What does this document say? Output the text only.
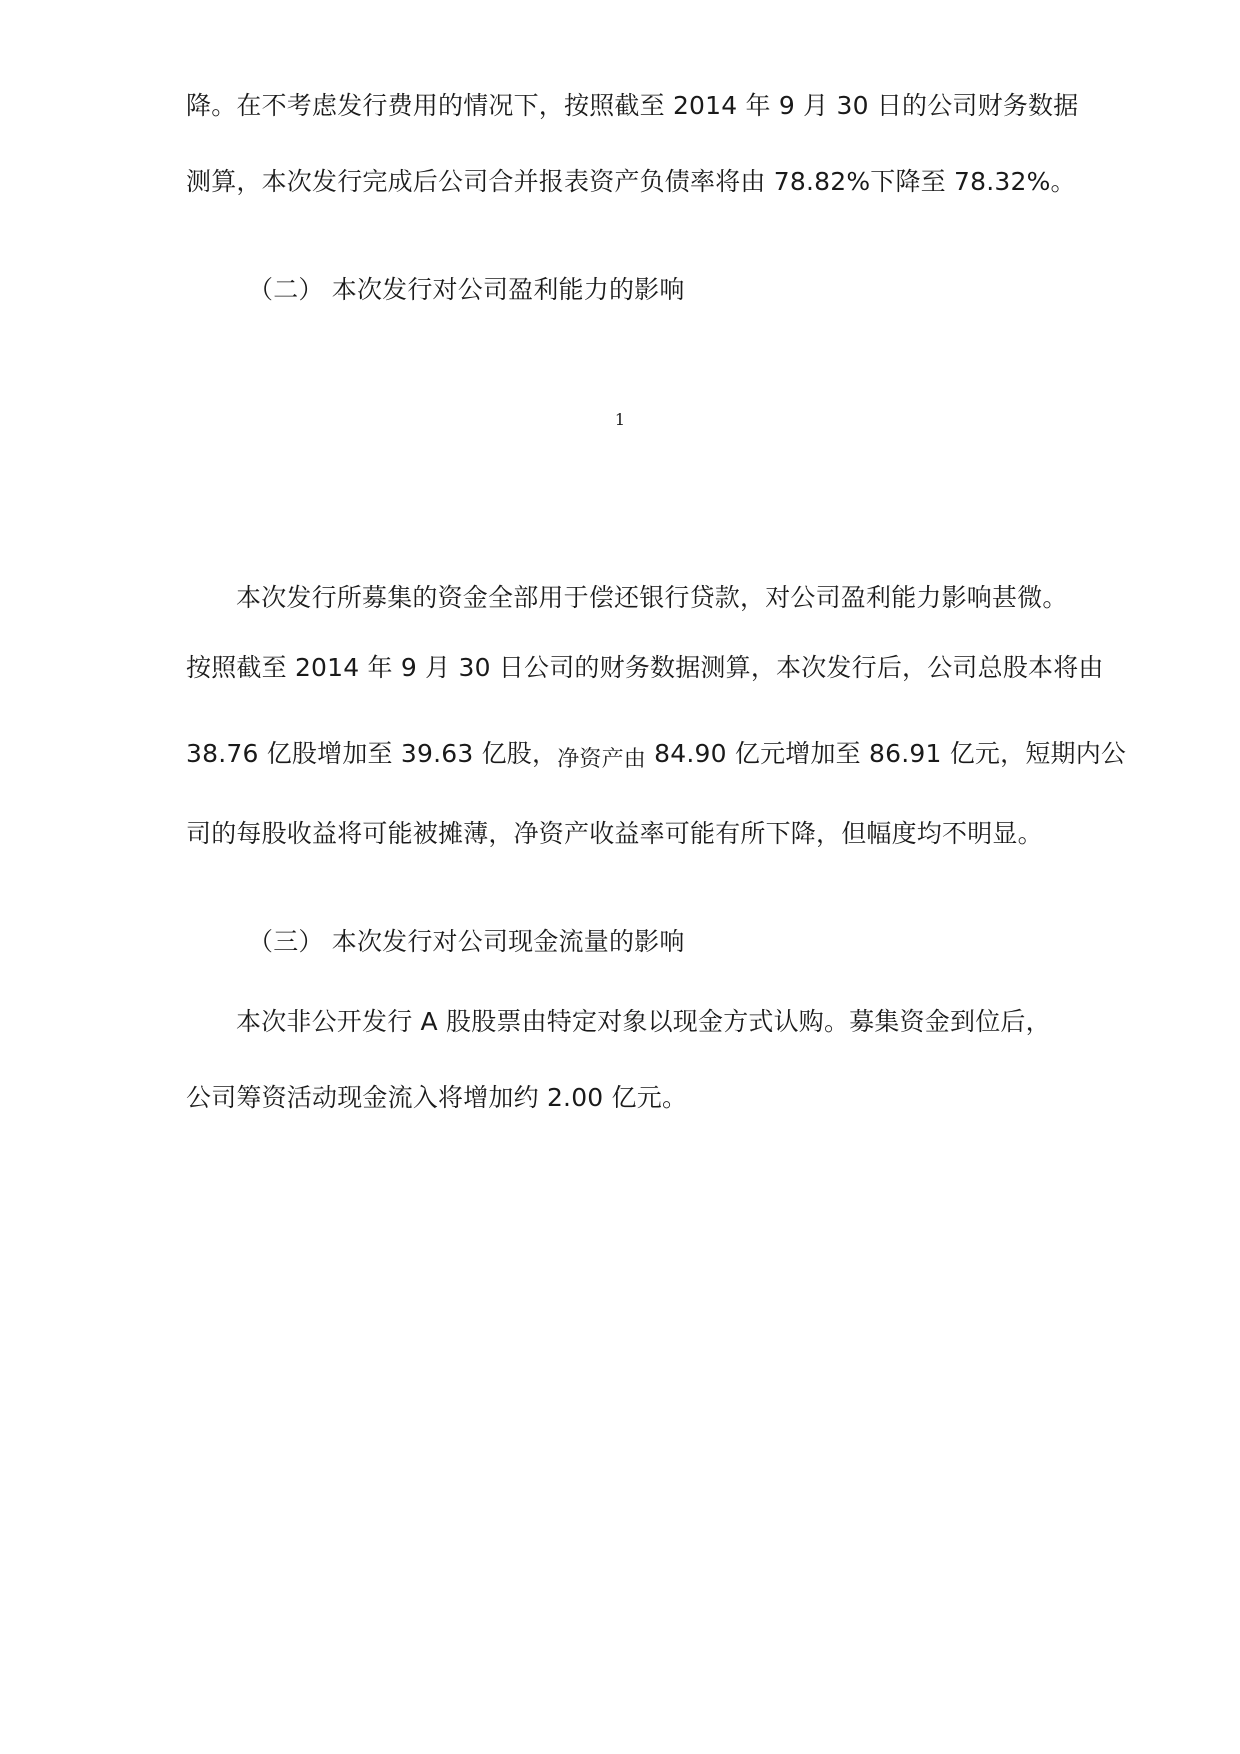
降。在不考虑发行费用的情况下，按照截至 2014 年 9 月 30 日的公司财务数据
测算，本次发行完成后公司合并报表资产负债率将由 78.82%下降至 78.32%。
（二） 本次发行对公司盈利能力的影响
1
本次发行所募集的资金全部用于偿还银行贷款，对公司盈利能力影响甚微。
按照截至 2014 年 9 月 30 日公司的财务数据测算，本次发行后，公司总股本将由
38.76 亿股增加至 39.63 亿股，净资产由 84.90 亿元增加至 86.91 亿元，短期内公
司的每股收益将可能被摊薄，净资产收益率可能有所下降，但幅度均不明显。
（三） 本次发行对公司现金流量的影响
本次非公开发行 A 股股票由特定对象以现金方式认购。募集资金到位后，
公司筹资活动现金流入将增加约 2.00 亿元。
